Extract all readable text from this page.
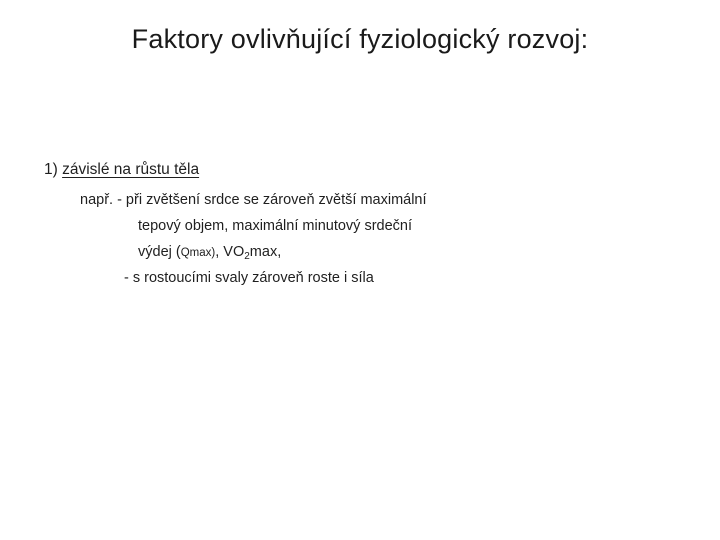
Faktory ovlivňující fyziologický rozvoj:
1) závislé na růstu těla
např. - při zvětšení srdce se zároveň zvětší maximální
tepový objem, maximální minutový srdeční
výdej (Qmax), $VO_2\max$,
- s rostoucími svaly zároveň roste i síla
